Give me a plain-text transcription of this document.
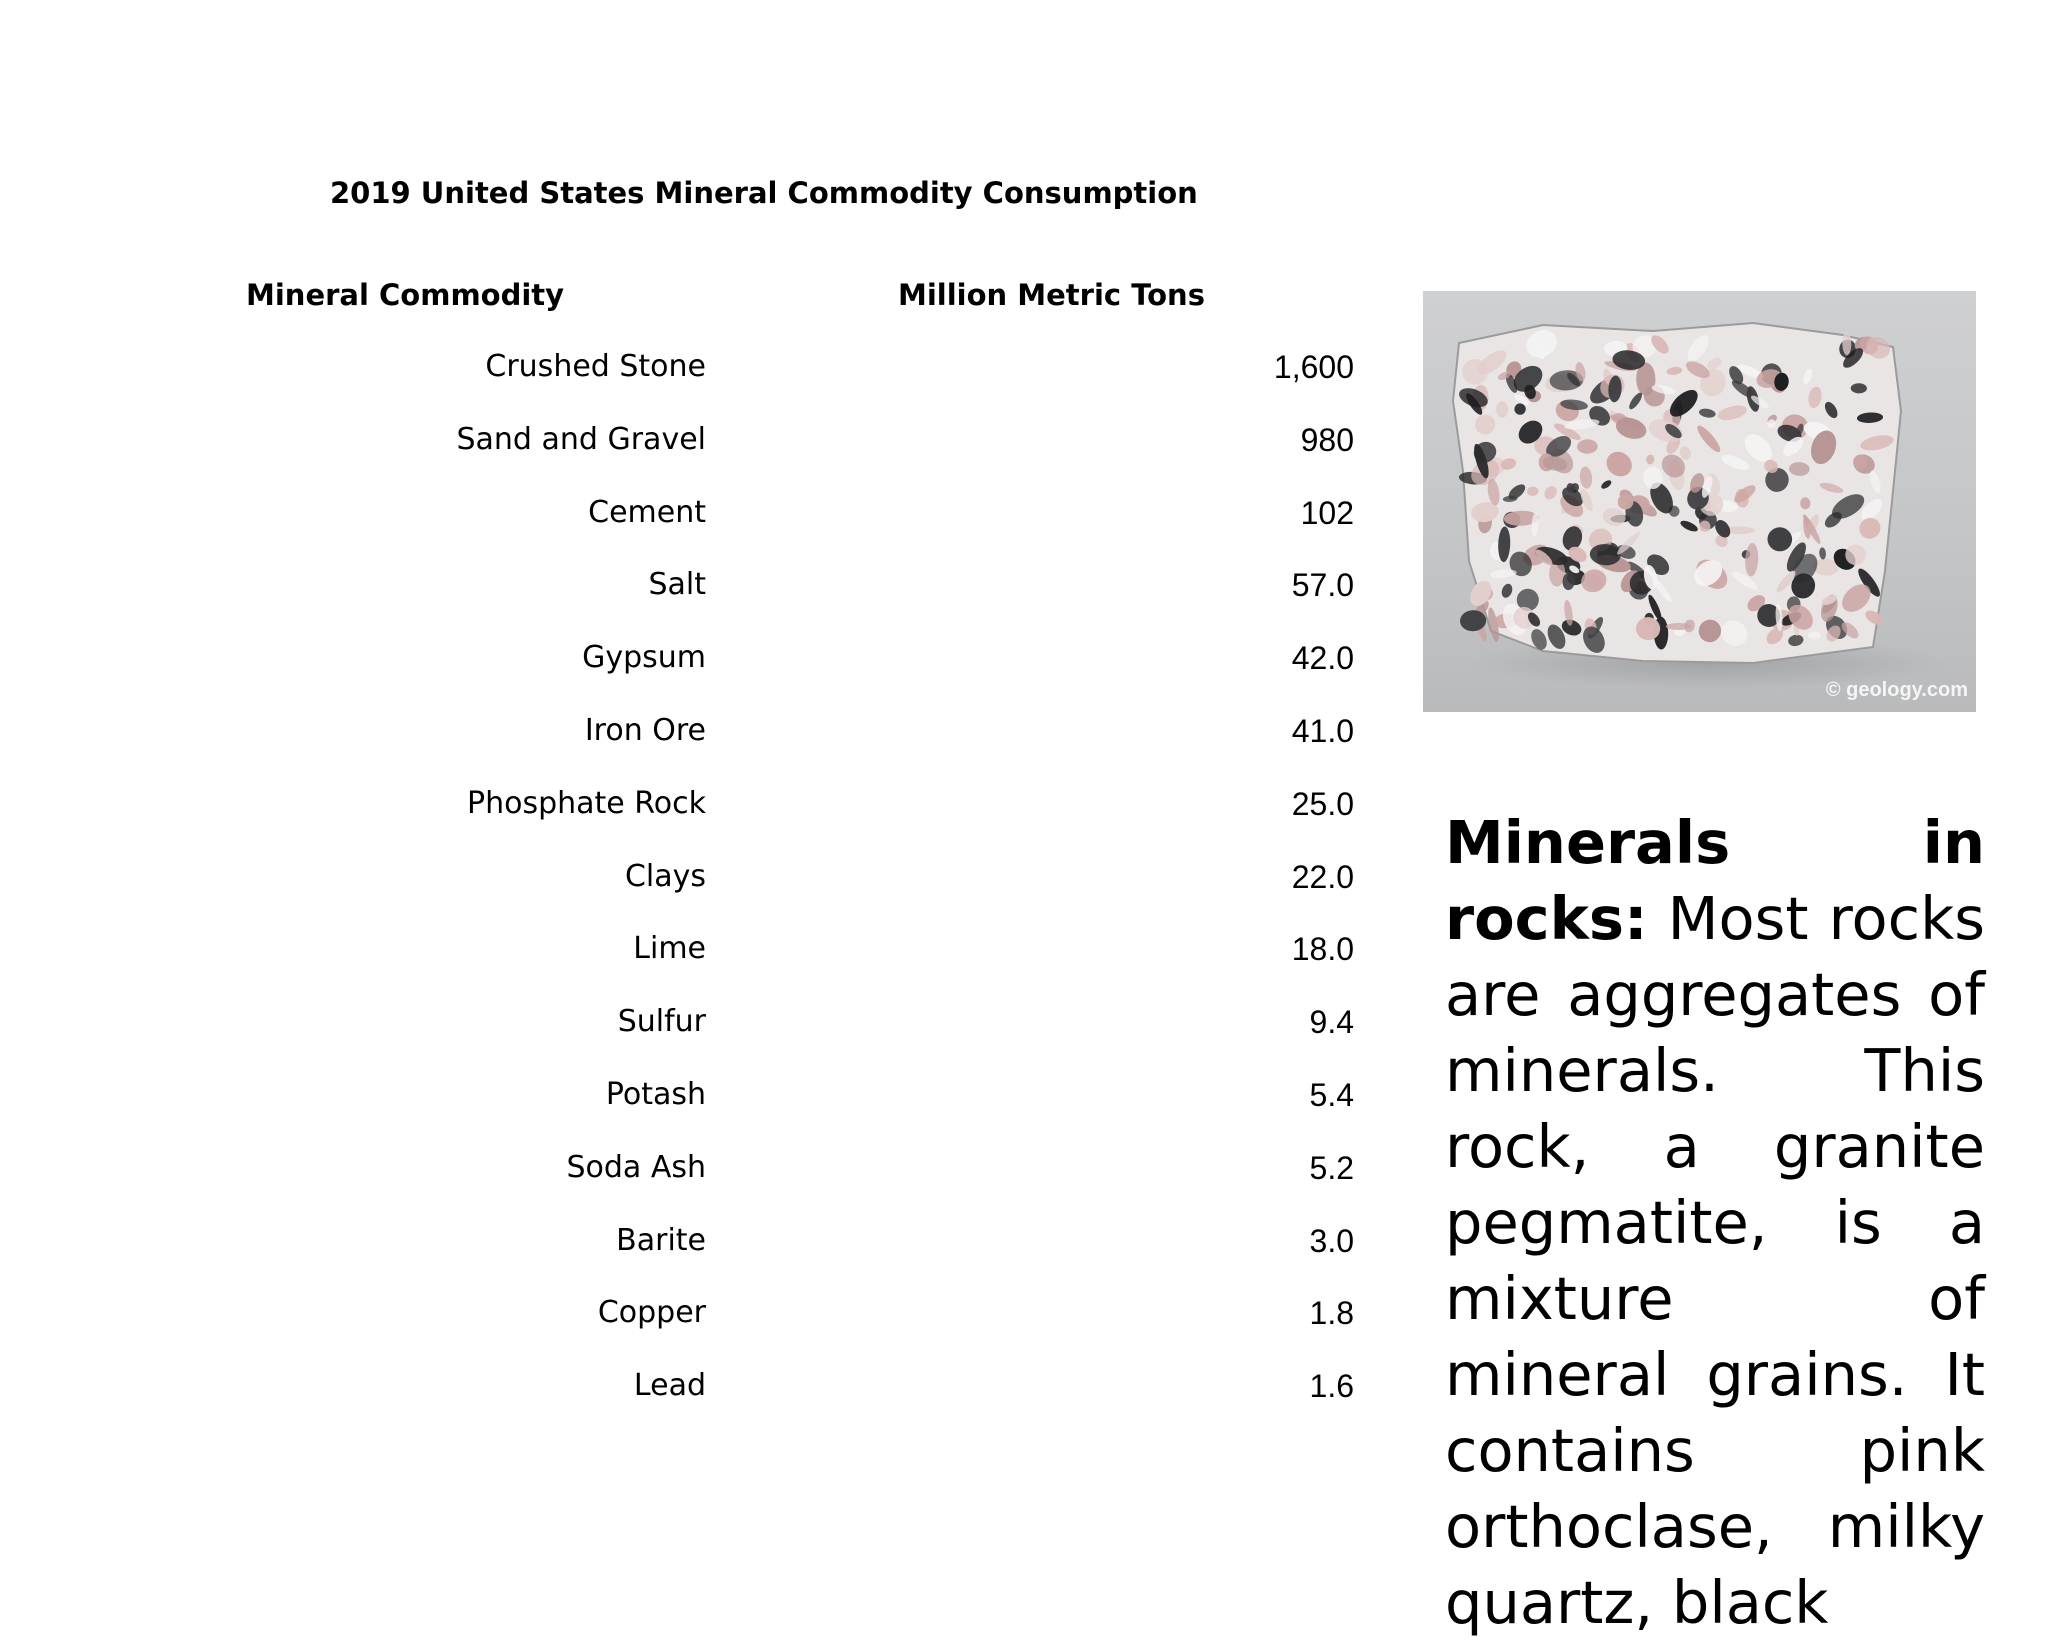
2019 United States Mineral Commodity Consumption
Mineral Commodity	Million Metric Tons
Crushed Stone	1,600
Sand and Gravel	980
Cement	102
Salt	57.0
Gypsum	42.0
Iron Ore	41.0
Phosphate Rock	25.0
Clays	22.0
Lime	18.0
Sulfur	9.4
Potash	5.4
Soda Ash	5.2
Barite	3.0
Copper	1.8
Lead	1.6
© geology.com
Minerals in rocks: Most rocks are aggregates of minerals. This rock, a granite pegmatite, is a mixture of mineral grains. It contains pink orthoclase, milky quartz, black
